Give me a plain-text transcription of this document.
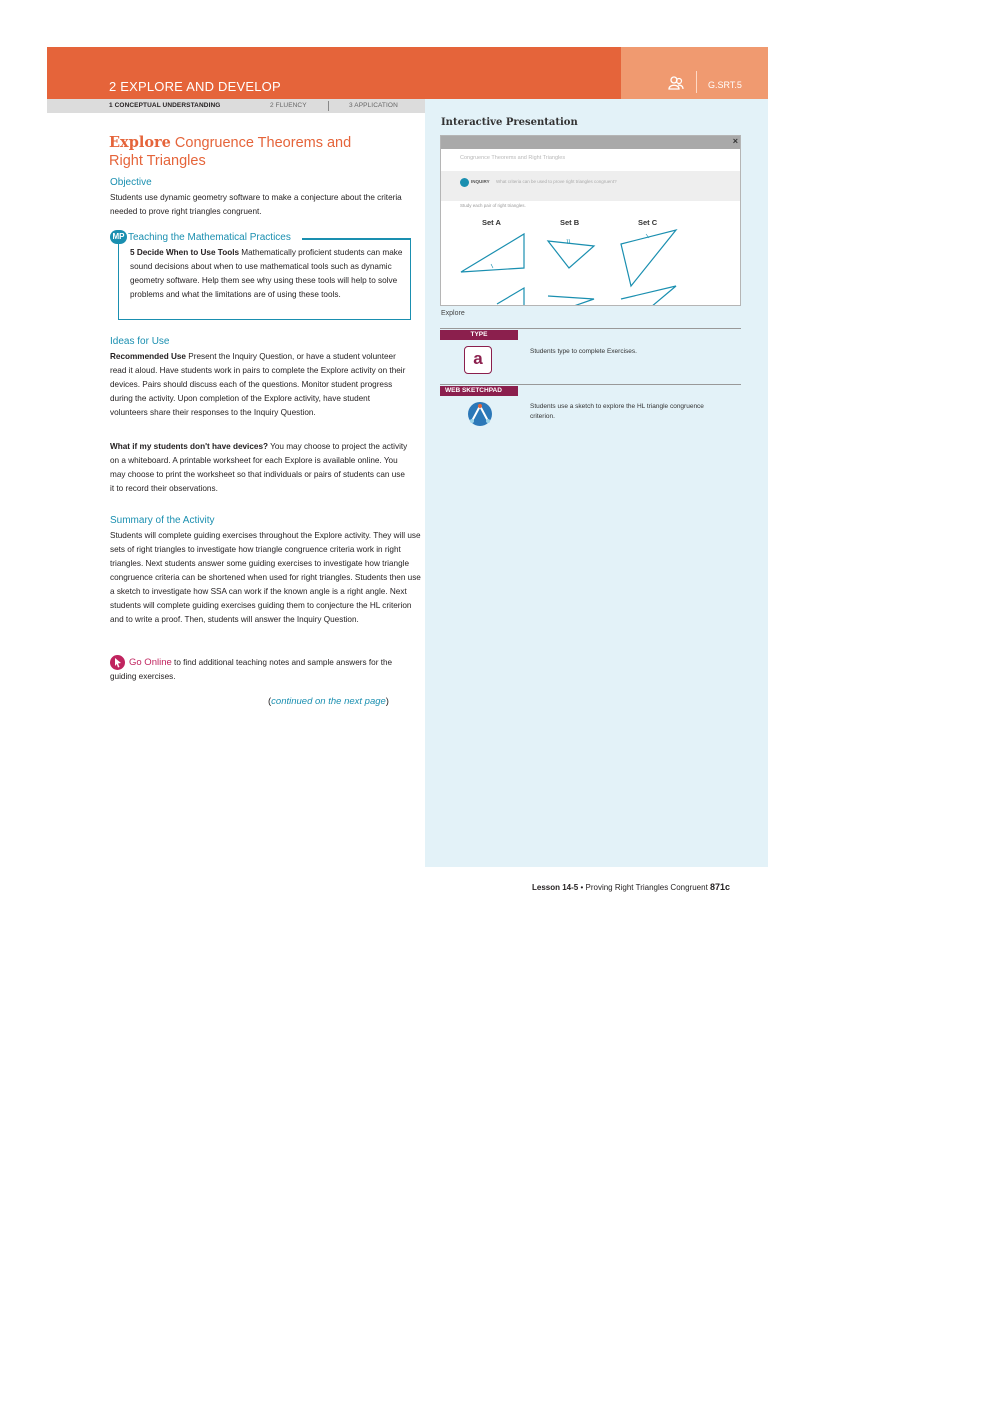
2 EXPLORE AND DEVELOP	G.SRT.5
1 CONCEPTUAL UNDERSTANDING	2 FLUENCY	3 APPLICATION
Explore Congruence Theorems and Right Triangles
Objective
Students use dynamic geometry software to make a conjecture about the criteria needed to prove right triangles congruent.
MP Teaching the Mathematical Practices
5 Decide When to Use Tools Mathematically proficient students can make sound decisions about when to use mathematical tools such as dynamic geometry software. Help them see why using these tools will help to solve problems and what the limitations are of using these tools.
Ideas for Use
Recommended Use Present the Inquiry Question, or have a student volunteer read it aloud. Have students work in pairs to complete the Explore activity on their devices. Pairs should discuss each of the questions. Monitor student progress during the activity. Upon completion of the Explore activity, have student volunteers share their responses to the Inquiry Question.
What if my students don't have devices? You may choose to project the activity on a whiteboard. A printable worksheet for each Explore is available online. You may choose to print the worksheet so that individuals or pairs of students can use it to record their observations.
Summary of the Activity
Students will complete guiding exercises throughout the Explore activity. They will use sets of right triangles to investigate how triangle congruence criteria work in right triangles. Next students answer some guiding exercises to investigate how triangle congruence criteria can be shortened when used for right triangles. Students then use a sketch to investigate how SSA can work if the known angle is a right angle. Next students will complete guiding exercises guiding them to conjecture the HL criterion and to write a proof. Then, students will answer the Inquiry Question.
Go Online to find additional teaching notes and sample answers for the guiding exercises.
(continued on the next page)
Interactive Presentation
×
Congruence Theorems and Right Triangles
INQUIRY What criteria can be used to prove right triangles congruent?
Study each pair of right triangles.
Set A	Set B	Set C
Explore
TYPE
a	Students type to complete Exercises.
WEB SKETCHPAD
Students use a sketch to explore the HL triangle congruence criterion.
Lesson 14-5 • Proving Right Triangles Congruent 871c
